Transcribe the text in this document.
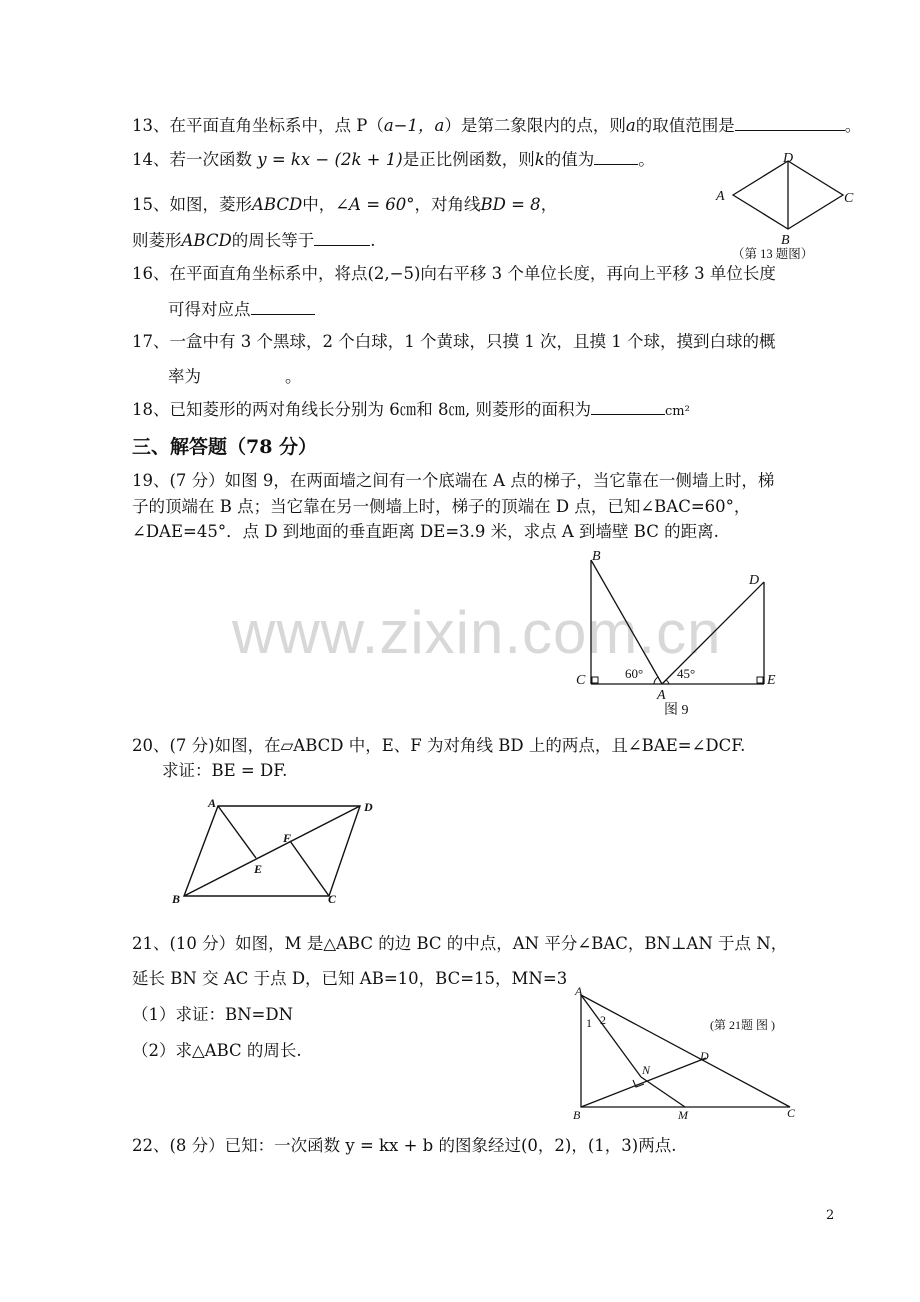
www.zixin.com.cn
13、在平面直角坐标系中，点 P（a−1，a）是第二象限内的点，则a的取值范围是	。
14、若一次函数 y = kx − (2k + 1)是正比例函数，则k的值为	。
15、如图，菱形ABCD中，∠A = 60°，对角线BD = 8，
则菱形ABCD的周长等于	.
A
D
C
B
（第 13 题图）
16、在平面直角坐标系中，将点(2,−5)向右平移 3 个单位长度，再向上平移 3 单位长度
可得对应点
17、一盒中有 3 个黑球，2 个白球，1 个黄球，只摸 1 次，且摸 1 个球，摸到白球的概
率为	。
18、已知菱形的两对角线长分别为 6㎝和 8㎝, 则菱形的面积为	cm²
三、解答题（78 分）
19、(7 分）如图 9，在两面墙之间有一个底端在 A 点的梯子，当它靠在一侧墙上时，梯
子的顶端在 B 点；当它靠在另一侧墙上时，梯子的顶端在 D 点，已知∠BAC=60°，
∠DAE=45°．点 D 到地面的垂直距离 DE=3.9 米，求点 A 到墙壁 BC 的距离.
B
D
C	E
A
60°	45°
图 9
20、(7 分)如图，在▱ABCD 中，E、F 为对角线 BD 上的两点，且∠BAE=∠DCF.
求证：BE = DF.
A	D
F
E
B	C
21、(10 分）如图，M 是△ABC 的边 BC 的中点，AN 平分∠BAC，BN⊥AN 于点 N，
延长 BN 交 AC 于点 D，已知 AB=10，BC=15，MN=3
（1）求证：BN=DN
（2）求△ABC 的周长.
A
1 2
D
N
B	M	C
(第 21题 图 )
22、(8 分）已知：一次函数 y = kx + b 的图象经过(0，2)，(1，3)两点.
2
